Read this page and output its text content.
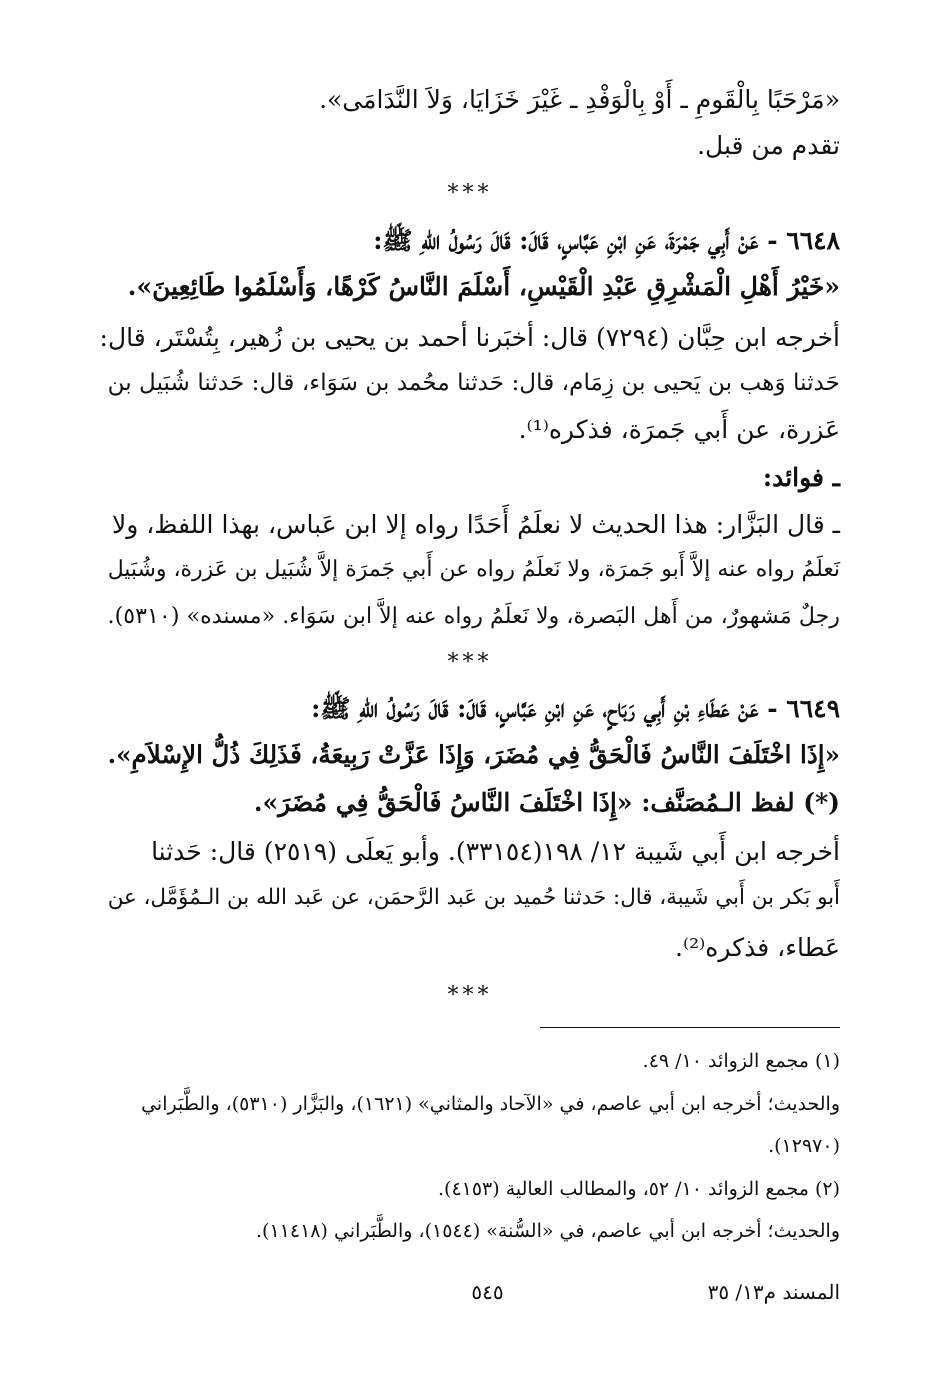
«مَرْحَبًا بِالْقَومِ ـ أَوْ بِالْوَفْدِ ـ غَيْرَ خَزَايَا، وَلاَ النَّدَامَى».
تقدم من قبل.
***
٦٦٤٨ - عَنْ أَبِي جَمْرَةَ، عَنِ ابْنِ عَبَّاسٍ، قَالَ: قَالَ رَسُولُ اللهِ ﷺ:
«خَيْرُ أَهْلِ الْمَشْرِقِ عَبْدِ الْقَيْسِ، أَسْلَمَ النَّاسُ كَرْهًا، وَأَسْلَمُوا طَائِعِينَ».
أخرجه ابن حِبَّان (٧٢٩٤) قال: أخبَرنا أحمد بن يحيى بن زُهير، بِتُسْتَر، قال:
حَدثنا وَهب بن يَحيى بن زِمَام، قال: حَدثنا محُمد بن سَوَاء، قال: حَدثنا شُبَيل بن
عَزرة، عن أَبي جَمرَة، فذكره⁽¹⁾.
ـ فوائد:
ـ قال البَزَّار: هذا الحديث لا نعلَمُ أَحَدًا رواه إلا ابن عَباس، بهذا اللفظ، ولا
نَعلَمُ رواه عنه إلاَّ أَبو جَمرَة، ولا نَعلَمُ رواه عن أَبي جَمرَة إلاَّ شُبَيل بن عَزرة، وشُبَيل
رجلٌ مَشهورٌ، من أَهل البَصرة، ولا نَعلَمُ رواه عنه إلاَّ ابن سَوَاء. «مسنده» (٥٣١٠).
***
٦٦٤٩ - عَنْ عَطَاءِ بْنِ أَبِي رَبَاحٍ، عَنِ ابْنِ عَبَّاسٍ، قَالَ: قَالَ رَسُولُ اللهِ ﷺ:
«إِذَا اخْتَلَفَ النَّاسُ فَالْحَقُّ فِي مُضَرَ، وَإِذَا عَزَّتْ رَبِيعَةُ، فَذَلِكَ ذُلُّ الإِسْلاَمِ».
(*) لفظ الـمُصَنَّف: «إِذَا اخْتَلَفَ النَّاسُ فَالْحَقُّ فِي مُضَرَ».
أخرجه ابن أَبي شَيبة ١٢/ ١٩٨(٣٣١٥٤). وأبو يَعلَى (٢٥١٩) قال: حَدثنا
أَبو بَكر بن أَبي شَيبة، قال: حَدثنا حُميد بن عَبد الرَّحمَن، عن عَبد الله بن الـمُؤَمَّل، عن
عَطاء، فذكره⁽²⁾.
***
(١) مجمع الزوائد ١٠/ ٤٩.
والحديث؛ أخرجه ابن أبي عاصم، في «الآحاد والمثاني» (١٦٢١)، والبَزَّار (٥٣١٠)، والطَّبَراني
(١٢٩٧٠).
(٢) مجمع الزوائد ١٠/ ٥٢، والمطالب العالية (٤١٥٣).
والحديث؛ أخرجه ابن أبي عاصم، في «السُّنة» (١٥٤٤)، والطَّبَراني (١١٤١٨).
المسند م١٣/ ٣٥
٥٤٥
